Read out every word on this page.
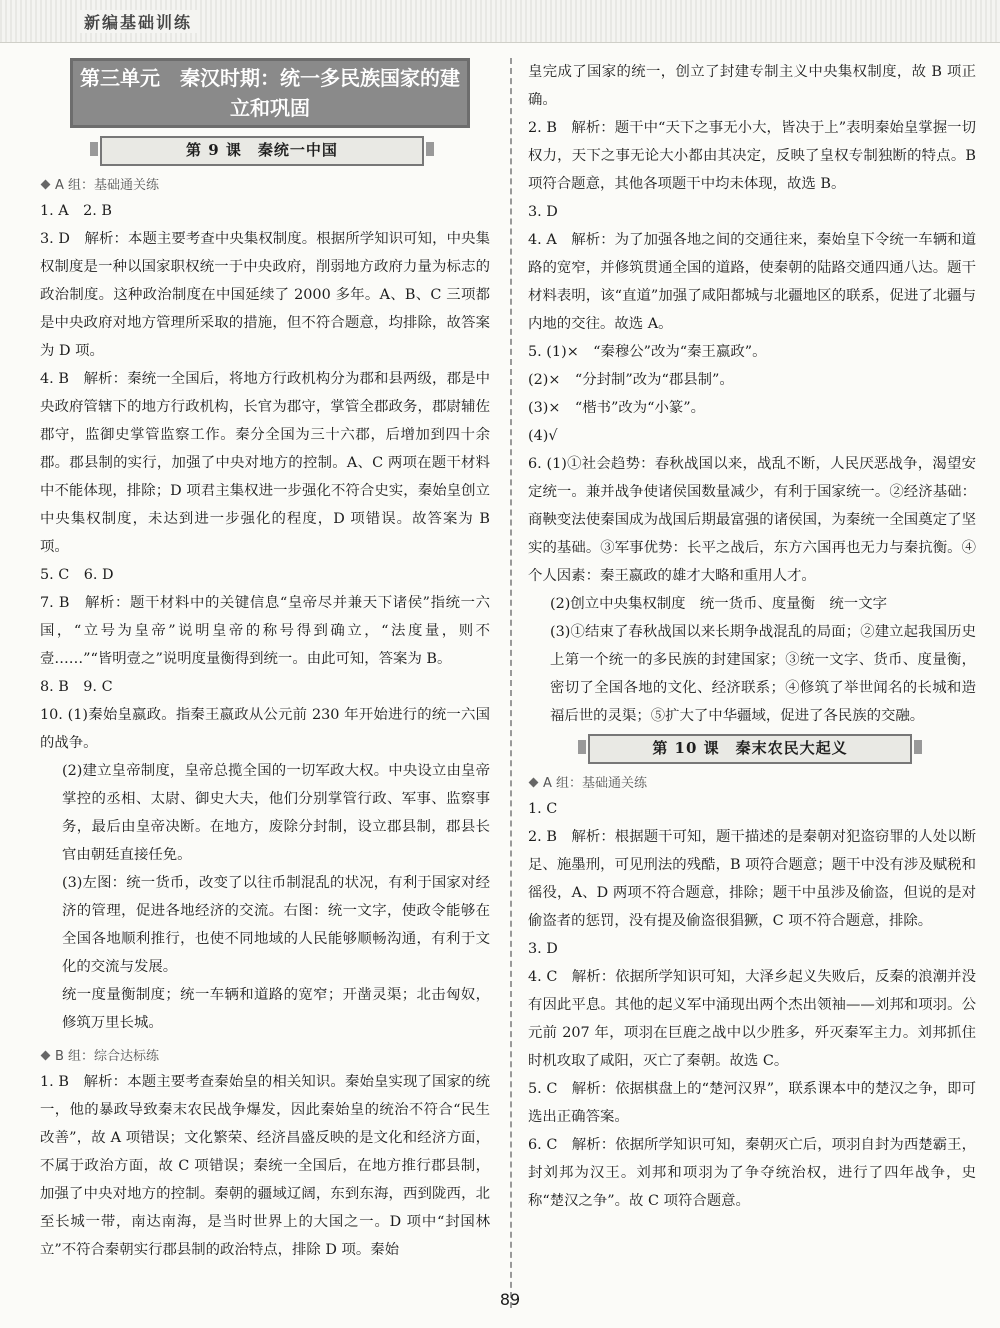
新编基础训练
第三单元　秦汉时期：统一多民族国家的建立和巩固
第 9 课　秦统一中国
A 组：基础通关练

1. A　2. B

3. D　解析：本题主要考查中央集权制度。根据所学知识可知，中央集权制度是一种以国家职权统一于中央政府，削弱地方政府力量为标志的政治制度。这种政治制度在中国延续了 2000 多年。A、B、C 三项都是中央政府对地方管理所采取的措施，但不符合题意，均排除，故答案为 D 项。

4. B　解析：秦统一全国后，将地方行政机构分为郡和县两级，郡是中央政府管辖下的地方行政机构，长官为郡守，掌管全郡政务，郡尉辅佐郡守，监御史掌管监察工作。秦分全国为三十六郡，后增加到四十余郡。郡县制的实行，加强了中央对地方的控制。A、C 两项在题干材料中不能体现，排除；D 项君主集权进一步强化不符合史实，秦始皇创立中央集权制度，未达到进一步强化的程度，D 项错误。故答案为 B 项。

5. C　6. D

7. B　解析：题干材料中的关键信息“皇帝尽并兼天下诸侯”指统一六国，“立号为皇帝”说明皇帝的称号得到确立，“法度量，则不壹……”“皆明壹之”说明度量衡得到统一。由此可知，答案为 B。

8. B　9. C

10. (1)秦始皇嬴政。指秦王嬴政从公元前 230 年开始进行的统一六国的战争。

(2)建立皇帝制度，皇帝总揽全国的一切军政大权。中央设立由皇帝掌控的丞相、太尉、御史大夫，他们分别掌管行政、军事、监察事务，最后由皇帝决断。在地方，废除分封制，设立郡县制，郡县长官由朝廷直接任免。

(3)左图：统一货币，改变了以往币制混乱的状况，有利于国家对经济的管理，促进各地经济的交流。右图：统一文字，使政令能够在全国各地顺利推行，也使不同地域的人民能够顺畅沟通，有利于文化的交流与发展。

统一度量衡制度；统一车辆和道路的宽窄；开凿灵渠；北击匈奴，修筑万里长城。

B 组：综合达标练

1. B　解析：本题主要考查秦始皇的相关知识。秦始皇实现了国家的统一，他的暴政导致秦末农民战争爆发，因此秦始皇的统治不符合“民生改善”，故 A 项错误；文化繁荣、经济昌盛反映的是文化和经济方面，不属于政治方面，故 C 项错误；秦统一全国后，在地方推行郡县制，加强了中央对地方的控制。秦朝的疆域辽阔，东到东海，西到陇西，北至长城一带，南达南海，是当时世界上的大国之一。D 项中“封国林立”不符合秦朝实行郡县制的政治特点，排除 D 项。秦始

皇完成了国家的统一，创立了封建专制主义中央集权制度，故 B 项正确。

2. B　解析：题干中“天下之事无小大，皆决于上”表明秦始皇掌握一切权力，天下之事无论大小都由其决定，反映了皇权专制独断的特点。B 项符合题意，其他各项题干中均未体现，故选 B。

3. D

4. A　解析：为了加强各地之间的交通往来，秦始皇下令统一车辆和道路的宽窄，并修筑贯通全国的道路，使秦朝的陆路交通四通八达。题干材料表明，该“直道”加强了咸阳都城与北疆地区的联系，促进了北疆与内地的交往。故选 A。

5. (1)×　“秦穆公”改为“秦王嬴政”。

(2)×　“分封制”改为“郡县制”。

(3)×　“楷书”改为“小篆”。

(4)√

6. (1)①社会趋势：春秋战国以来，战乱不断，人民厌恶战争，渴望安定统一。兼并战争使诸侯国数量减少，有利于国家统一。②经济基础：商鞅变法使秦国成为战国后期最富强的诸侯国，为秦统一全国奠定了坚实的基础。③军事优势：长平之战后，东方六国再也无力与秦抗衡。④个人因素：秦王嬴政的雄才大略和重用人才。

(2)创立中央集权制度　统一货币、度量衡　统一文字

(3)①结束了春秋战国以来长期争战混乱的局面；②建立起我国历史上第一个统一的多民族的封建国家；③统一文字、货币、度量衡，密切了全国各地的文化、经济联系；④修筑了举世闻名的长城和造福后世的灵渠；⑤扩大了中华疆域，促进了各民族的交融。

第 10 课　秦末农民大起义
A 组：基础通关练

1. C

2. B　解析：根据题干可知，题干描述的是秦朝对犯盗窃罪的人处以断足、施墨刑，可见刑法的残酷，B 项符合题意；题干中没有涉及赋税和徭役，A、D 两项不符合题意，排除；题干中虽涉及偷盗，但说的是对偷盗者的惩罚，没有提及偷盗很猖獗，C 项不符合题意，排除。

3. D

4. C　解析：依据所学知识可知，大泽乡起义失败后，反秦的浪潮并没有因此平息。其他的起义军中涌现出两个杰出领袖——刘邦和项羽。公元前 207 年，项羽在巨鹿之战中以少胜多，歼灭秦军主力。刘邦抓住时机攻取了咸阳，灭亡了秦朝。故选 C。

5. C　解析：依据棋盘上的“楚河汉界”，联系课本中的楚汉之争，即可选出正确答案。

6. C　解析：依据所学知识可知，秦朝灭亡后，项羽自封为西楚霸王，封刘邦为汉王。刘邦和项羽为了争夺统治权，进行了四年战争，史称“楚汉之争”。故 C 项符合题意。

89
